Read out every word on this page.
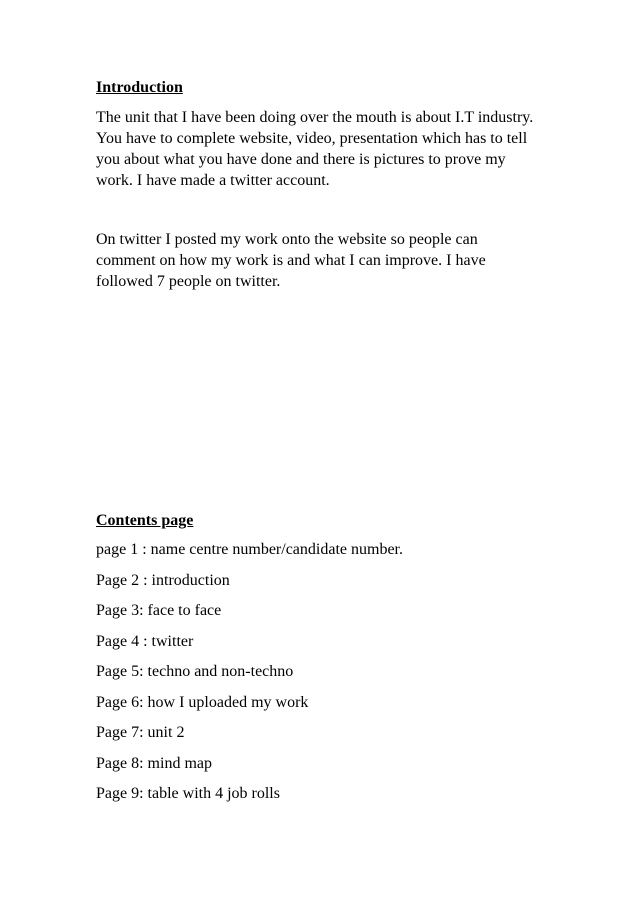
Introduction

The unit that I have been doing over the mouth is about I.T industry. You have to complete website, video, presentation which has to tell you about what you have done and there is pictures to prove my work. I have made a twitter account.

On twitter I posted my work onto the website so people can comment on how my work is and what I can improve. I have followed 7 people on twitter.

Contents page
page 1 : name centre number/candidate number.
Page 2 : introduction
Page 3: face to face
Page 4 : twitter
Page 5: techno and non-techno
Page 6: how I uploaded my work
Page 7: unit 2
Page 8: mind map
Page 9: table with 4 job rolls
